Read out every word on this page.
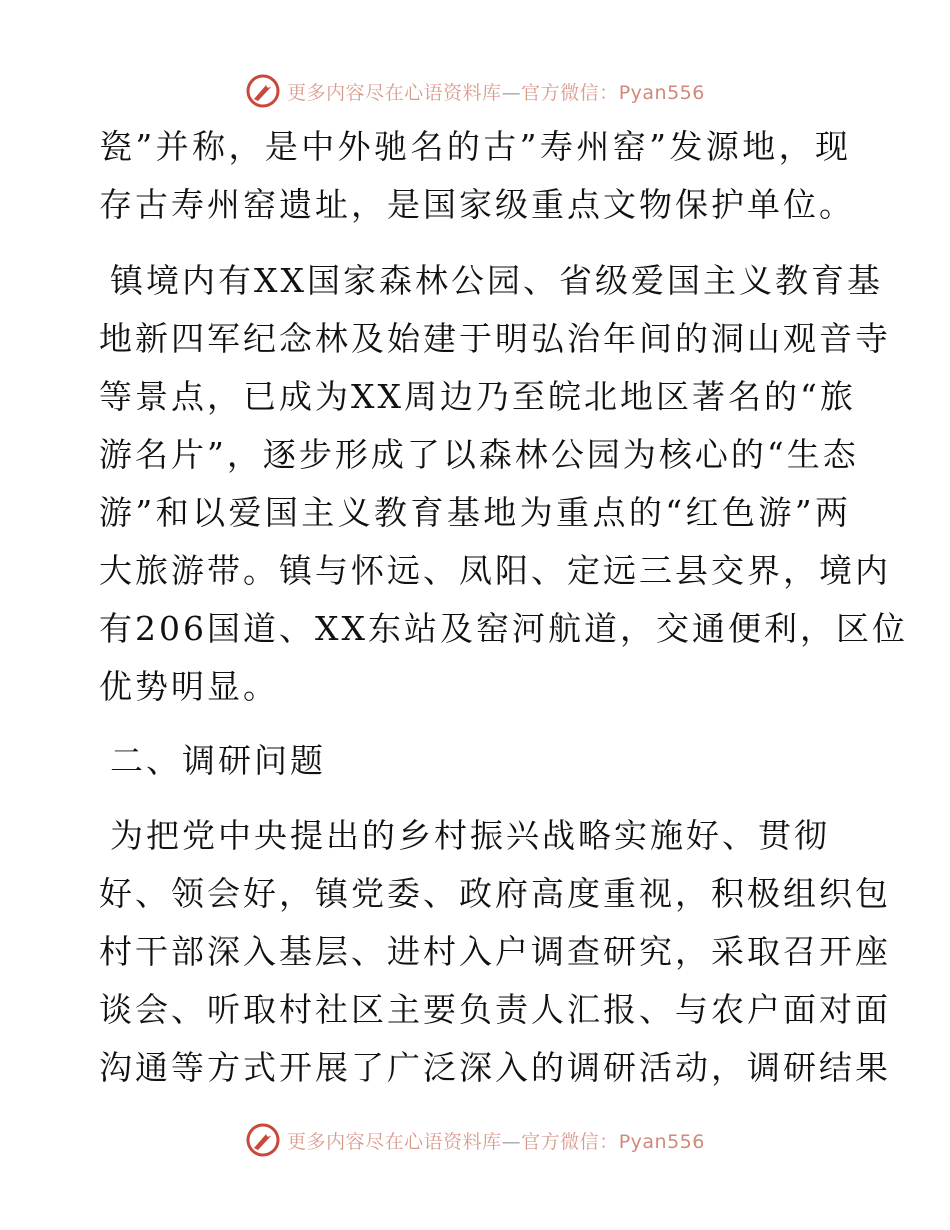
更多内容尽在心语资料库—官方微信：Pyan556
瓷”并称，是中外驰名的古”寿州窑”发源地，现
存古寿州窑遗址，是国家级重点文物保护单位。
镇境内有XX国家森林公园、省级爱国主义教育基
地新四军纪念林及始建于明弘治年间的洞山观音寺
等景点，已成为XX周边乃至皖北地区著名的“旅
游名片”，逐步形成了以森林公园为核心的“生态
游”和以爱国主义教育基地为重点的“红色游”两
大旅游带。镇与怀远、凤阳、定远三县交界，境内
有206国道、XX东站及窑河航道，交通便利，区位
优势明显。
二、调研问题
为把党中央提出的乡村振兴战略实施好、贯彻
好、领会好，镇党委、政府高度重视，积极组织包
村干部深入基层、进村入户调查研究，采取召开座
谈会、听取村社区主要负责人汇报、与农户面对面
沟通等方式开展了广泛深入的调研活动，调研结果
更多内容尽在心语资料库—官方微信：Pyan556
